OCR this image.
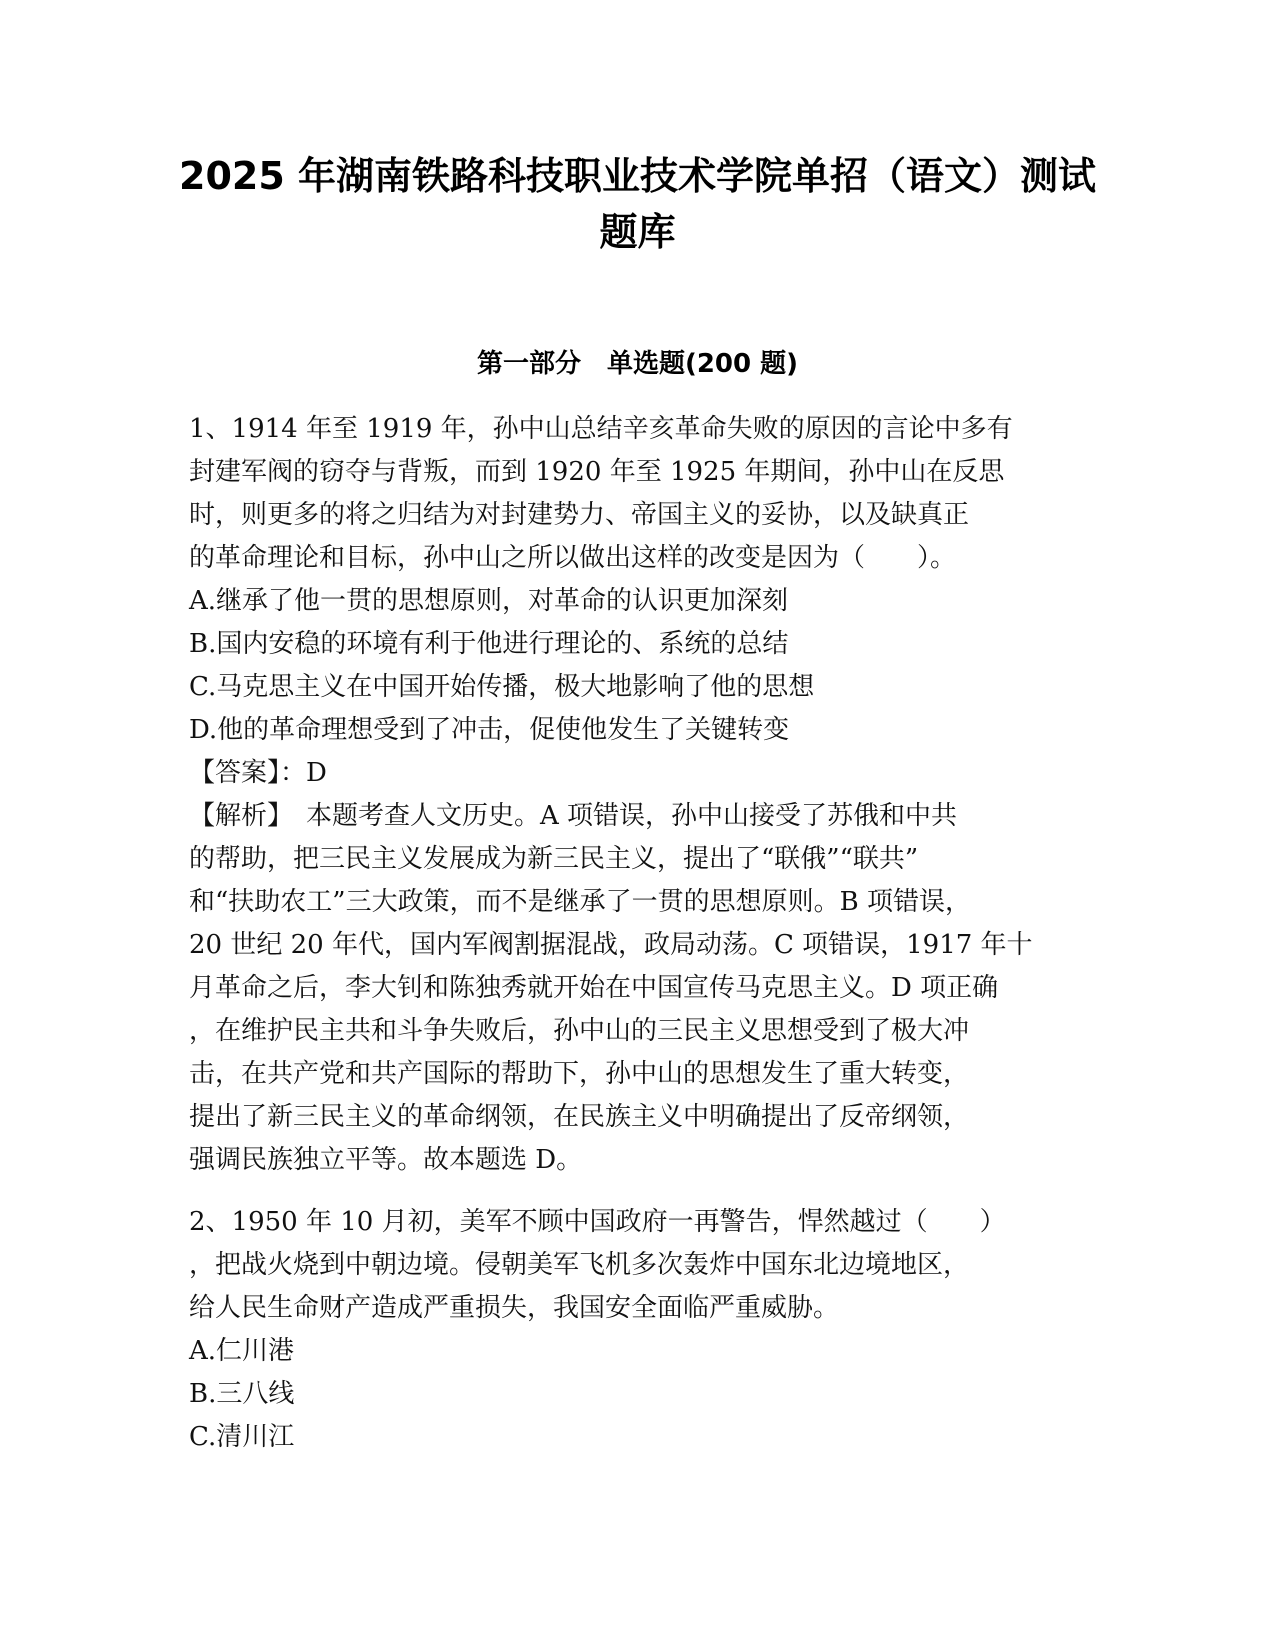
2025 年湖南铁路科技职业技术学院单招（语文）测试
题库
第一部分　单选题(200 题)
1、1914 年至 1919 年，孙中山总结辛亥革命失败的原因的言论中多有
封建军阀的窃夺与背叛，而到 1920 年至 1925 年期间，孙中山在反思
时，则更多的将之归结为对封建势力、帝国主义的妥协，以及缺真正
的革命理论和目标，孙中山之所以做出这样的改变是因为（　　）。
A.继承了他一贯的思想原则，对革命的认识更加深刻
B.国内安稳的环境有利于他进行理论的、系统的总结
C.马克思主义在中国开始传播，极大地影响了他的思想
D.他的革命理想受到了冲击，促使他发生了关键转变
【答案】：D
【解析】　本题考查人文历史。A 项错误，孙中山接受了苏俄和中共
的帮助，把三民主义发展成为新三民主义，提出了“联俄”“联共”
和“扶助农工”三大政策，而不是继承了一贯的思想原则。B 项错误，
20 世纪 20 年代，国内军阀割据混战，政局动荡。C 项错误，1917 年十
月革命之后，李大钊和陈独秀就开始在中国宣传马克思主义。D 项正确
，在维护民主共和斗争失败后，孙中山的三民主义思想受到了极大冲
击，在共产党和共产国际的帮助下，孙中山的思想发生了重大转变，
提出了新三民主义的革命纲领，在民族主义中明确提出了反帝纲领，
强调民族独立平等。故本题选 D。
2、1950 年 10 月初，美军不顾中国政府一再警告，悍然越过（　　）
，把战火烧到中朝边境。侵朝美军飞机多次轰炸中国东北边境地区，
给人民生命财产造成严重损失，我国安全面临严重威胁。
A.仁川港
B.三八线
C.清川江
